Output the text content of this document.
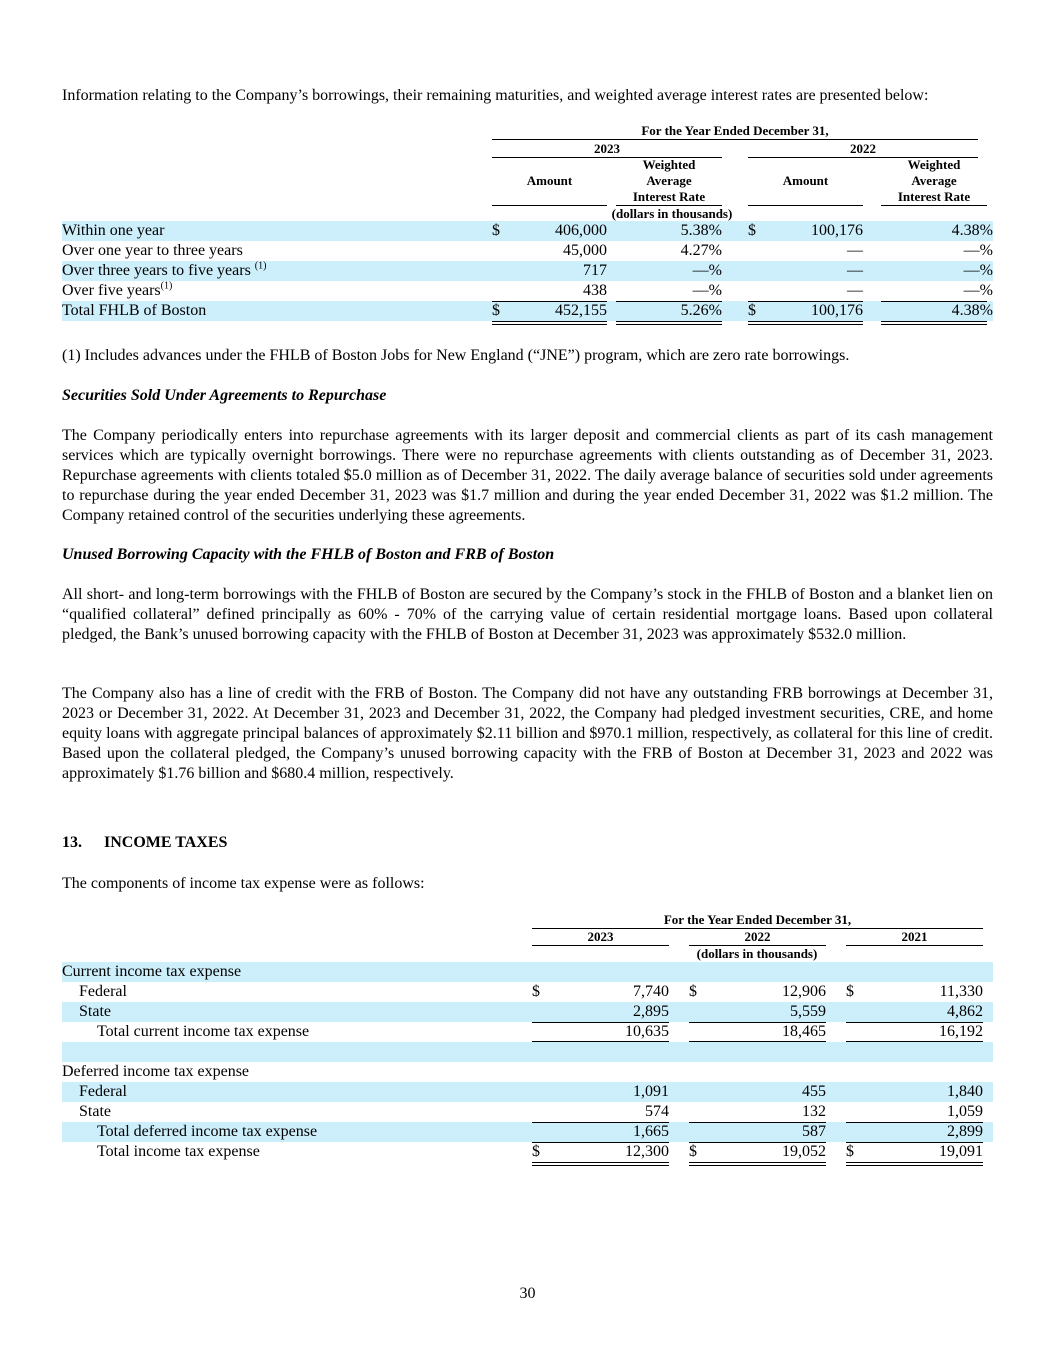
Information relating to the Company’s borrowings, their remaining maturities, and weighted average interest rates are presented below:

For the Year Ended December 31,
2023	2022
Amount
Weighted
Average
Interest Rate
Amount
Weighted
Average
Interest Rate
(dollars in thousands)
Within one year	$	406,000	5.38% $	100,176	4.38%
Over one year to three years	45,000	4.27%	—	—%
Over three years to five years $^{(1)}$	717	—%	—	—%
Over five years$^{(1)}$	438	—%	—	—%
Total FHLB of Boston	$	452,155	5.26% $	100,176	4.38%

(1) Includes advances under the FHLB of Boston Jobs for New England (“JNE”) program, which are zero rate borrowings.

Securities Sold Under Agreements to Repurchase

The Company periodically enters into repurchase agreements with its larger deposit and commercial clients as part of its cash management services which are typically overnight borrowings. There were no repurchase agreements with clients outstanding as of December 31, 2023. Repurchase agreements with clients totaled $5.0 million as of December 31, 2022. The daily average balance of securities sold under agreements to repurchase during the year ended December 31, 2023 was $1.7 million and during the year ended December 31, 2022 was $1.2 million. The Company retained control of the securities underlying these agreements.

Unused Borrowing Capacity with the FHLB of Boston and FRB of Boston

All short- and long-term borrowings with the FHLB of Boston are secured by the Company’s stock in the FHLB of Boston and a blanket lien on “qualified collateral” defined principally as 60% - 70% of the carrying value of certain residential mortgage loans. Based upon collateral pledged, the Bank’s unused borrowing capacity with the FHLB of Boston at December 31, 2023 was approximately $532.0 million.

The Company also has a line of credit with the FRB of Boston. The Company did not have any outstanding FRB borrowings at December 31, 2023 or December 31, 2022. At December 31, 2023 and December 31, 2022, the Company had pledged investment securities, CRE, and home equity loans with aggregate principal balances of approximately $2.11 billion and $970.1 million, respectively, as collateral for this line of credit. Based upon the collateral pledged, the Company’s unused borrowing capacity with the FRB of Boston at December 31, 2023 and 2022 was approximately $1.76 billion and $680.4 million, respectively.

13. INCOME TAXES

The components of income tax expense were as follows:

For the Year Ended December 31,
2023	2022	2021
(dollars in thousands)
Current income tax expense
Federal	$	7,740 $	12,906 $	11,330
State	2,895	5,559	4,862
Total current income tax expense	10,635	18,465	16,192
Deferred income tax expense
Federal	1,091	455	1,840
State	574	132	1,059
Total deferred income tax expense	1,665	587	2,899
Total income tax expense	$	12,300 $	19,052 $	19,091
30
